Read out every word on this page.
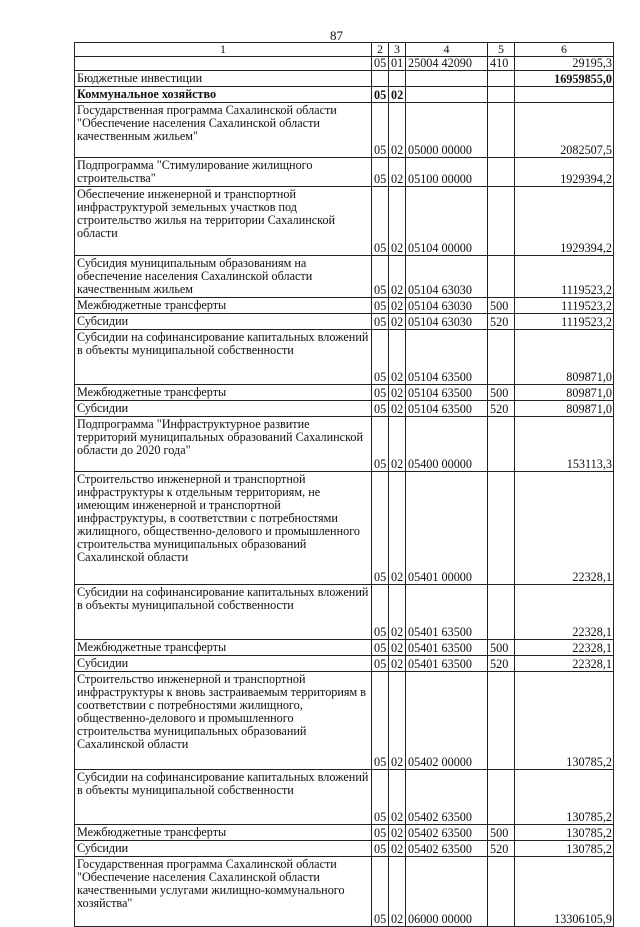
87
1	2	3	4	5	6
	05	01	25004 42090	410	29195,3
Бюджетные инвестиции					16959855,0
Коммунальное хозяйство	05	02			
Государственная программа Сахалинской области "Обеспечение населения Сахалинской области качественным жильем"	05	02	05000 00000		2082507,5
Подпрограмма "Стимулирование жилищного строительства"	05	02	05100 00000		1929394,2
Обеспечение инженерной и транспортной инфраструктурой земельных участков под строительство жилья на территории Сахалинской области	05	02	05104 00000		1929394,2
Субсидия муниципальным образованиям на обеспечение населения Сахалинской области качественным жильем	05	02	05104 63030		1119523,2
Межбюджетные трансферты	05	02	05104 63030	500	1119523,2
Субсидии	05	02	05104 63030	520	1119523,2
Субсидии на софинансирование капитальных вложений в объекты муниципальной собственности	05	02	05104 63500		809871,0
Межбюджетные трансферты	05	02	05104 63500	500	809871,0
Субсидии	05	02	05104 63500	520	809871,0
Подпрограмма "Инфраструктурное развитие территорий муниципальных образований Сахалинской области до 2020 года"	05	02	05400 00000		153113,3
Строительство инженерной и транспортной инфраструктуры к отдельным территориям, не имеющим инженерной и транспортной инфраструктуры, в соответствии с потребностями жилищного, общественно-делового и промышленного строительства муниципальных образований Сахалинской области	05	02	05401 00000		22328,1
Субсидии на софинансирование капитальных вложений в объекты муниципальной собственности	05	02	05401 63500		22328,1
Межбюджетные трансферты	05	02	05401 63500	500	22328,1
Субсидии	05	02	05401 63500	520	22328,1
Строительство инженерной и транспортной инфраструктуры к вновь застраиваемым территориям в соответствии с потребностями жилищного, общественно-делового и промышленного строительства муниципальных образований Сахалинской области	05	02	05402 00000		130785,2
Субсидии на софинансирование капитальных вложений в объекты муниципальной собственности	05	02	05402 63500		130785,2
Межбюджетные трансферты	05	02	05402 63500	500	130785,2
Субсидии	05	02	05402 63500	520	130785,2
Государственная программа Сахалинской области "Обеспечение населения Сахалинской области качественными услугами жилищно-коммунального хозяйства"	05	02	06000 00000		13306105,9
